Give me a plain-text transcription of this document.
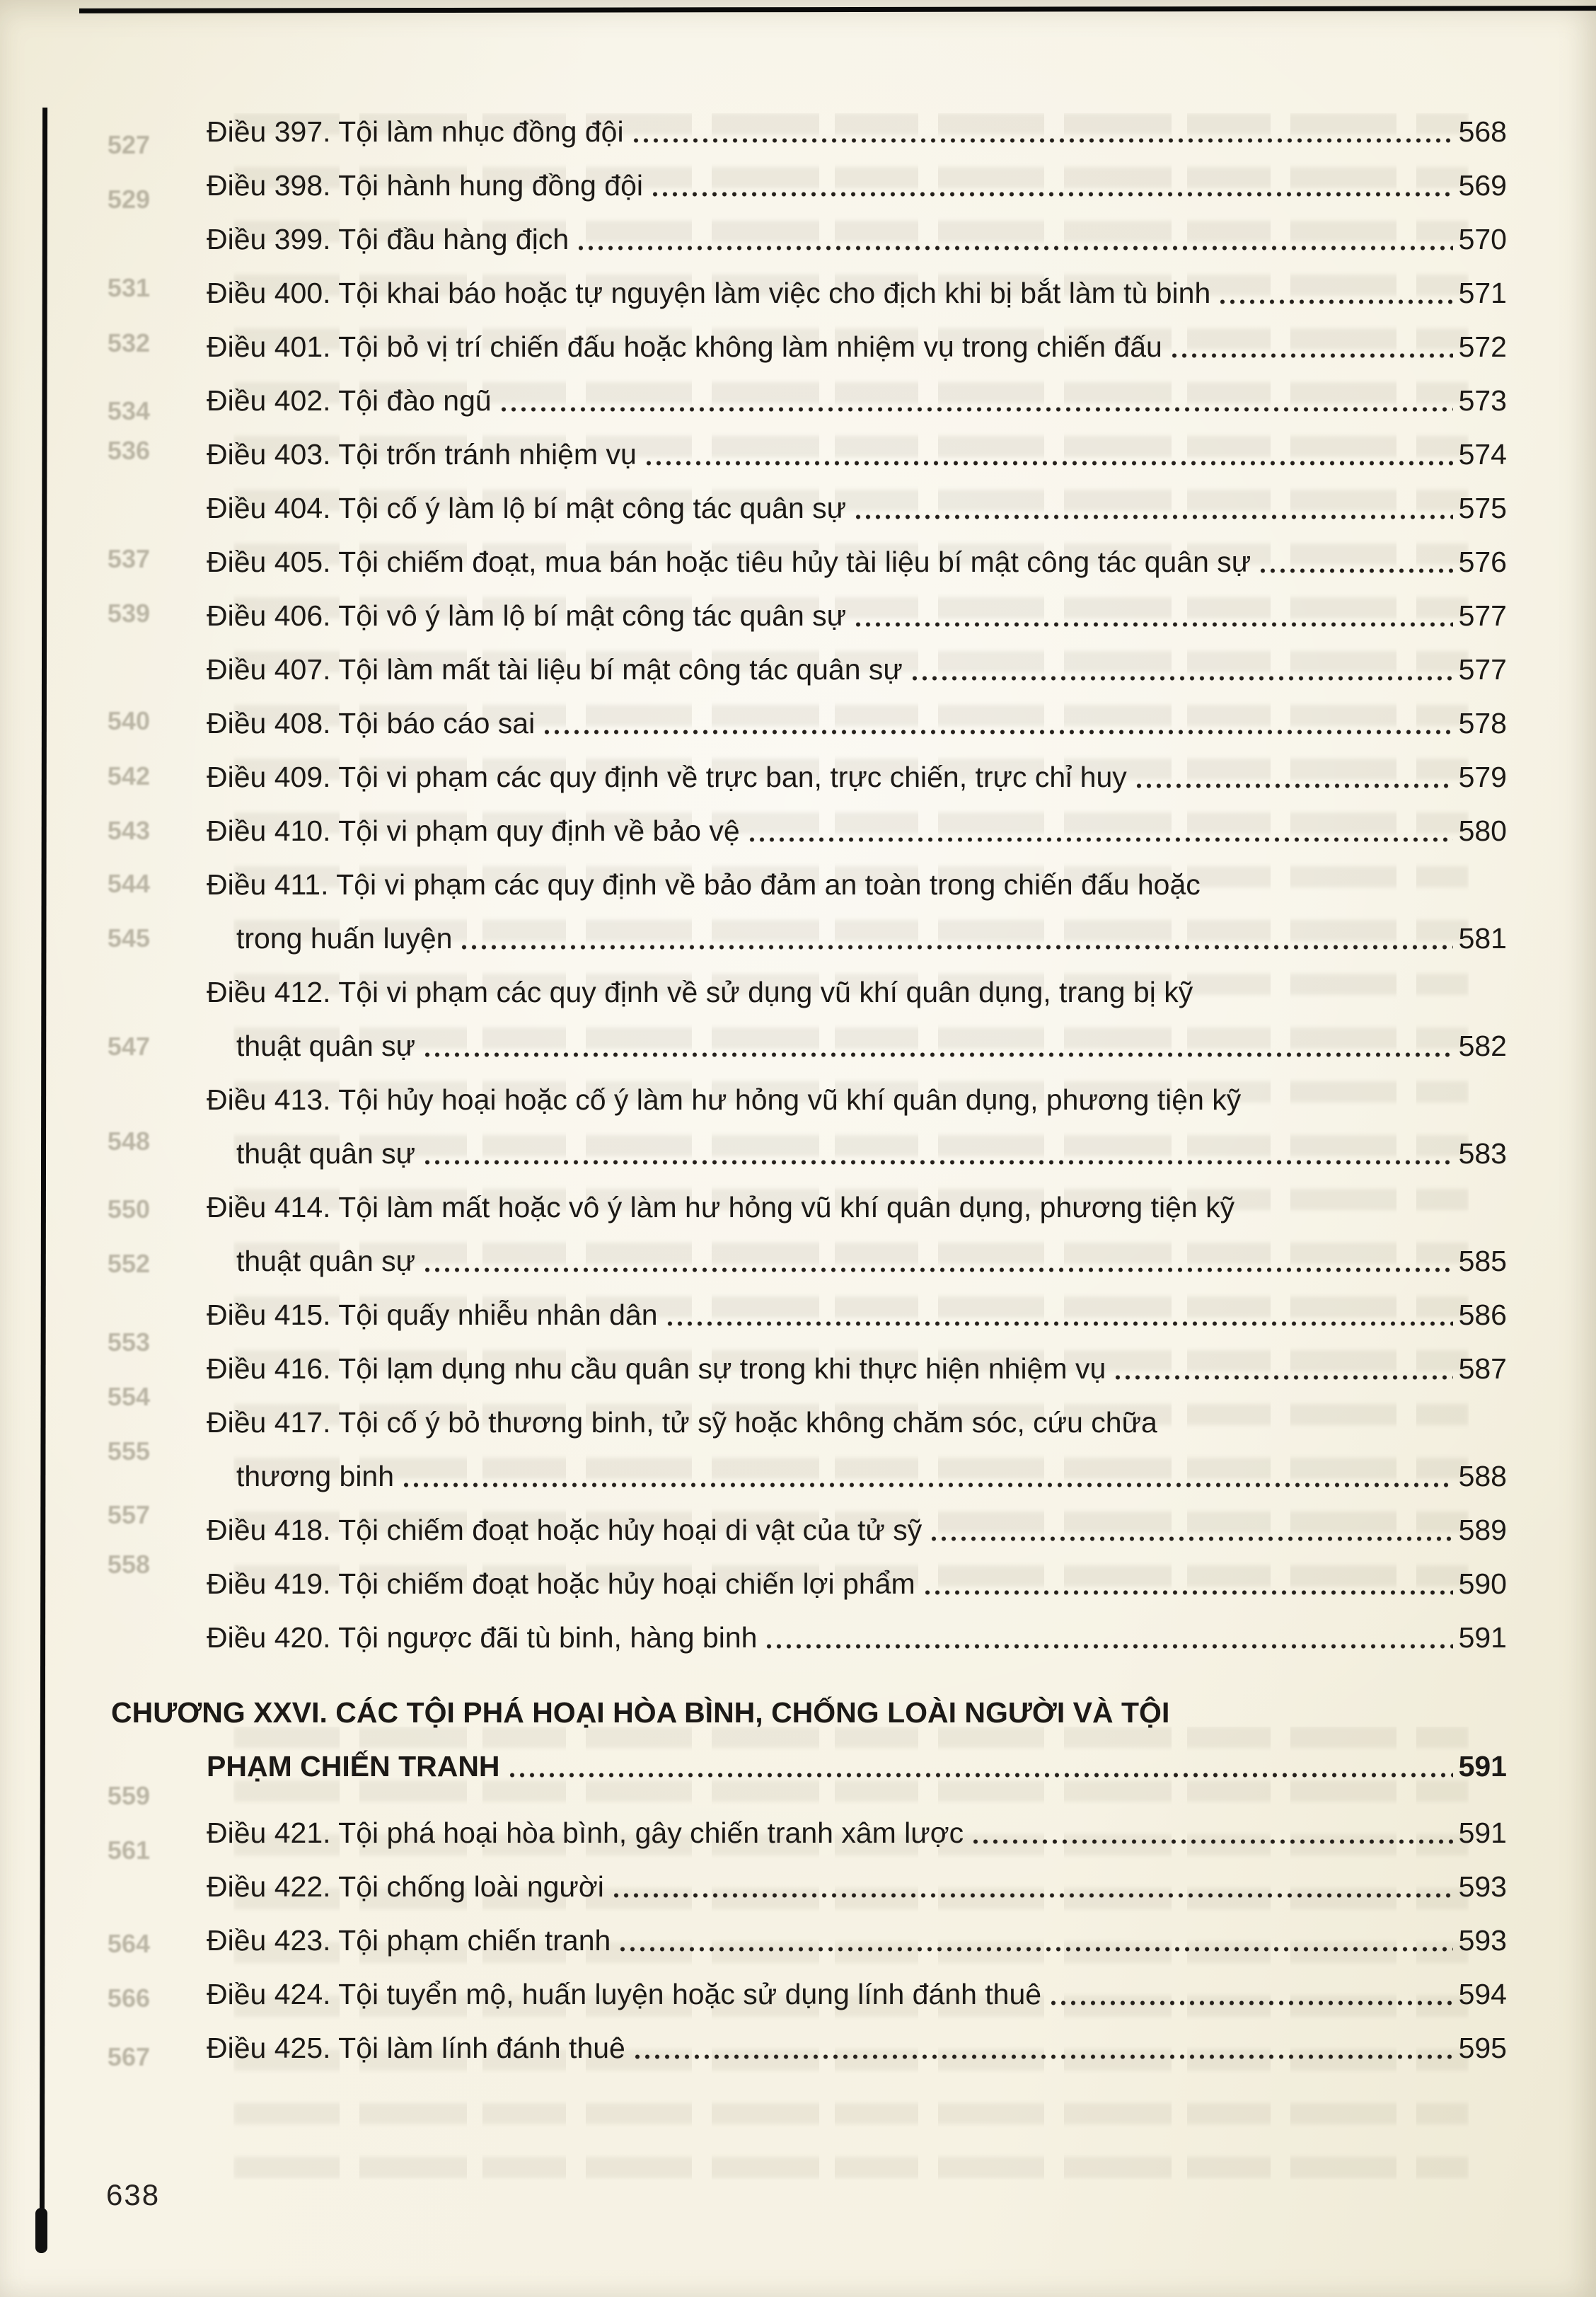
527
529
531
532
534
536
537
539
540
542
543
544
545
547
548
550
552
553
554
555
557
558
559
561
564
566
567
Điều 397. Tội làm nhục đồng đội	568
Điều 398. Tội hành hung đồng đội	569
Điều 399. Tội đầu hàng địch	570
Điều 400. Tội khai báo hoặc tự nguyện làm việc cho địch khi bị bắt làm tù binh	571
Điều 401. Tội bỏ vị trí chiến đấu hoặc không làm nhiệm vụ trong chiến đấu	572
Điều 402. Tội đào ngũ	573
Điều 403. Tội trốn tránh nhiệm vụ	574
Điều 404. Tội cố ý làm lộ bí mật công tác quân sự	575
Điều 405. Tội chiếm đoạt, mua bán hoặc tiêu hủy tài liệu bí mật công tác quân sự	576
Điều 406. Tội vô ý làm lộ bí mật công tác quân sự	577
Điều 407. Tội làm mất tài liệu bí mật công tác quân sự	577
Điều 408. Tội báo cáo sai	578
Điều 409. Tội vi phạm các quy định về trực ban, trực chiến, trực chỉ huy	579
Điều 410. Tội vi phạm quy định về bảo vệ	580
Điều 411. Tội vi phạm các quy định về bảo đảm an toàn trong chiến đấu hoặc
trong huấn luyện	581
Điều 412. Tội vi phạm các quy định về sử dụng vũ khí quân dụng, trang bị kỹ
thuật quân sự	582
Điều 413. Tội hủy hoại hoặc cố ý làm hư hỏng vũ khí quân dụng, phương tiện kỹ
thuật quân sự	583
Điều 414. Tội làm mất hoặc vô ý làm hư hỏng vũ khí quân dụng, phương tiện kỹ
thuật quân sự	585
Điều 415. Tội quấy nhiễu nhân dân	586
Điều 416. Tội lạm dụng nhu cầu quân sự trong khi thực hiện nhiệm vụ	587
Điều 417. Tội cố ý bỏ thương binh, tử sỹ hoặc không chăm sóc, cứu chữa
thương binh	588
Điều 418. Tội chiếm đoạt hoặc hủy hoại di vật của tử sỹ	589
Điều 419. Tội chiếm đoạt hoặc hủy hoại chiến lợi phẩm	590
Điều 420. Tội ngược đãi tù binh, hàng binh	591
CHƯƠNG XXVI. CÁC TỘI PHÁ HOẠI HÒA BÌNH, CHỐNG LOÀI NGƯỜI VÀ TỘI
PHẠM CHIẾN TRANH	591
Điều 421. Tội phá hoại hòa bình, gây chiến tranh xâm lược	591
Điều 422. Tội chống loài người	593
Điều 423. Tội phạm chiến tranh	593
Điều 424. Tội tuyển mộ, huấn luyện hoặc sử dụng lính đánh thuê	594
Điều 425. Tội làm lính đánh thuê	595
638
